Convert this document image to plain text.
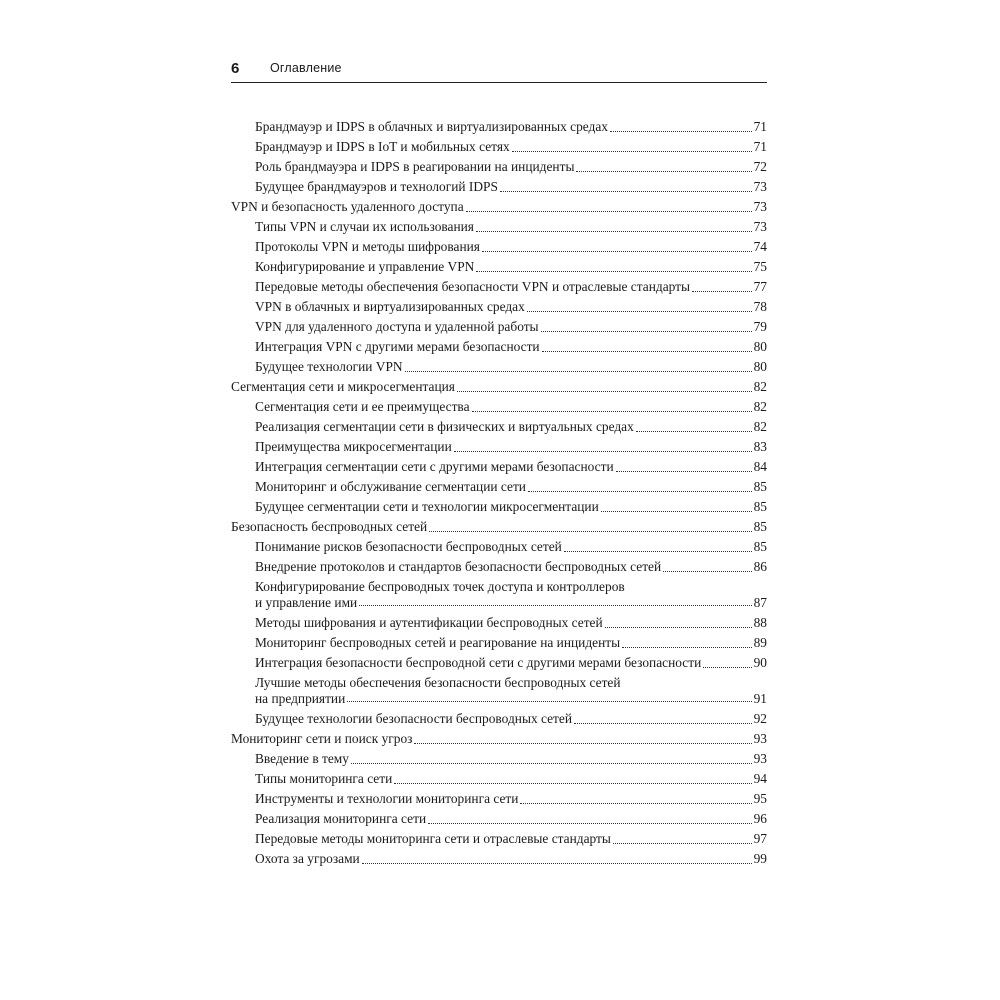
6 Оглавление
Брандмауэр и IDPS в облачных и виртуализированных средах	71
Брандмауэр и IDPS в IoT и мобильных сетях	71
Роль брандмауэра и IDPS в реагировании на инциденты	72
Будущее брандмауэров и технологий IDPS	73
VPN и безопасность удаленного доступа	73
Типы VPN и случаи их использования	73
Протоколы VPN и методы шифрования	74
Конфигурирование и управление VPN	75
Передовые методы обеспечения безопасности VPN и отраслевые стандарты	77
VPN в облачных и виртуализированных средах	78
VPN для удаленного доступа и удаленной работы	79
Интеграция VPN с другими мерами безопасности	80
Будущее технологии VPN	80
Сегментация сети и микросегментация	82
Сегментация сети и ее преимущества	82
Реализация сегментации сети в физических и виртуальных средах	82
Преимущества микросегментации	83
Интеграция сегментации сети с другими мерами безопасности	84
Мониторинг и обслуживание сегментации сети	85
Будущее сегментации сети и технологии микросегментации	85
Безопасность беспроводных сетей	85
Понимание рисков безопасности беспроводных сетей	85
Внедрение протоколов и стандартов безопасности беспроводных сетей	86
Конфигурирование беспроводных точек доступа и контроллеров
и управление ими	87
Методы шифрования и аутентификации беспроводных сетей	88
Мониторинг беспроводных сетей и реагирование на инциденты	89
Интеграция безопасности беспроводной сети с другими мерами безопасности	90
Лучшие методы обеспечения безопасности беспроводных сетей
на предприятии	91
Будущее технологии безопасности беспроводных сетей	92
Мониторинг сети и поиск угроз	93
Введение в тему	93
Типы мониторинга сети	94
Инструменты и технологии мониторинга сети	95
Реализация мониторинга сети	96
Передовые методы мониторинга сети и отраслевые стандарты	97
Охота за угрозами	99
